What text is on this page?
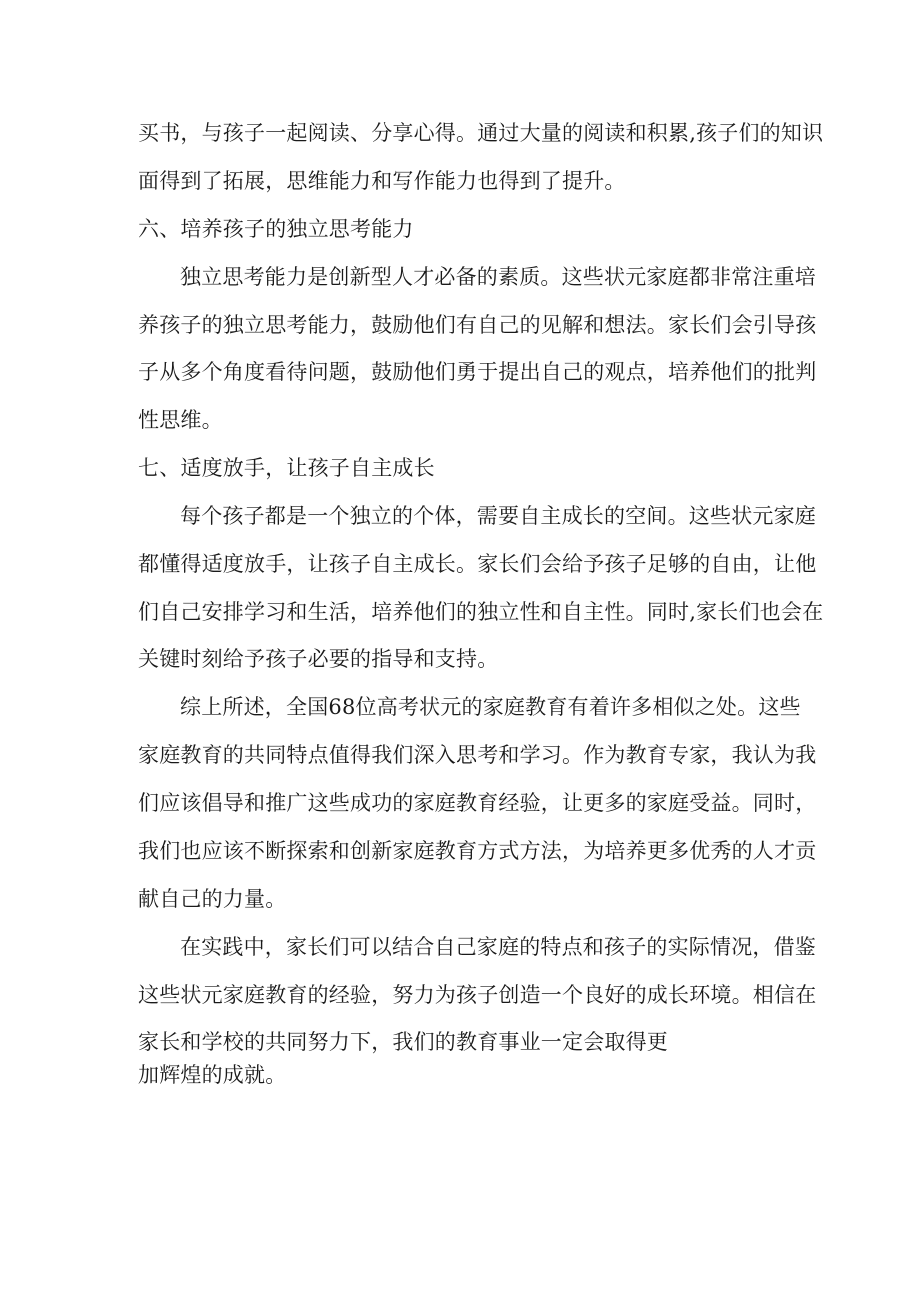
买书，与孩子一起阅读、分享心得。通过大量的阅读和积累,孩子们的知识
面得到了拓展，思维能力和写作能力也得到了提升。
六、培养孩子的独立思考能力
独立思考能力是创新型人才必备的素质。这些状元家庭都非常注重培
养孩子的独立思考能力，鼓励他们有自己的见解和想法。家长们会引导孩
子从多个角度看待问题，鼓励他们勇于提出自己的观点，培养他们的批判
性思维。
七、适度放手，让孩子自主成长
每个孩子都是一个独立的个体，需要自主成长的空间。这些状元家庭
都懂得适度放手，让孩子自主成长。家长们会给予孩子足够的自由，让他
们自己安排学习和生活，培养他们的独立性和自主性。同时,家长们也会在
关键时刻给予孩子必要的指导和支持。
综上所述，全国68位高考状元的家庭教育有着许多相似之处。这些
家庭教育的共同特点值得我们深入思考和学习。作为教育专家，我认为我
们应该倡导和推广这些成功的家庭教育经验，让更多的家庭受益。同时，
我们也应该不断探索和创新家庭教育方式方法，为培养更多优秀的人才贡
献自己的力量。
在实践中，家长们可以结合自己家庭的特点和孩子的实际情况，借鉴
这些状元家庭教育的经验，努力为孩子创造一个良好的成长环境。相信在
家长和学校的共同努力下，我们的教育事业一定会取得更
加辉煌的成就。
